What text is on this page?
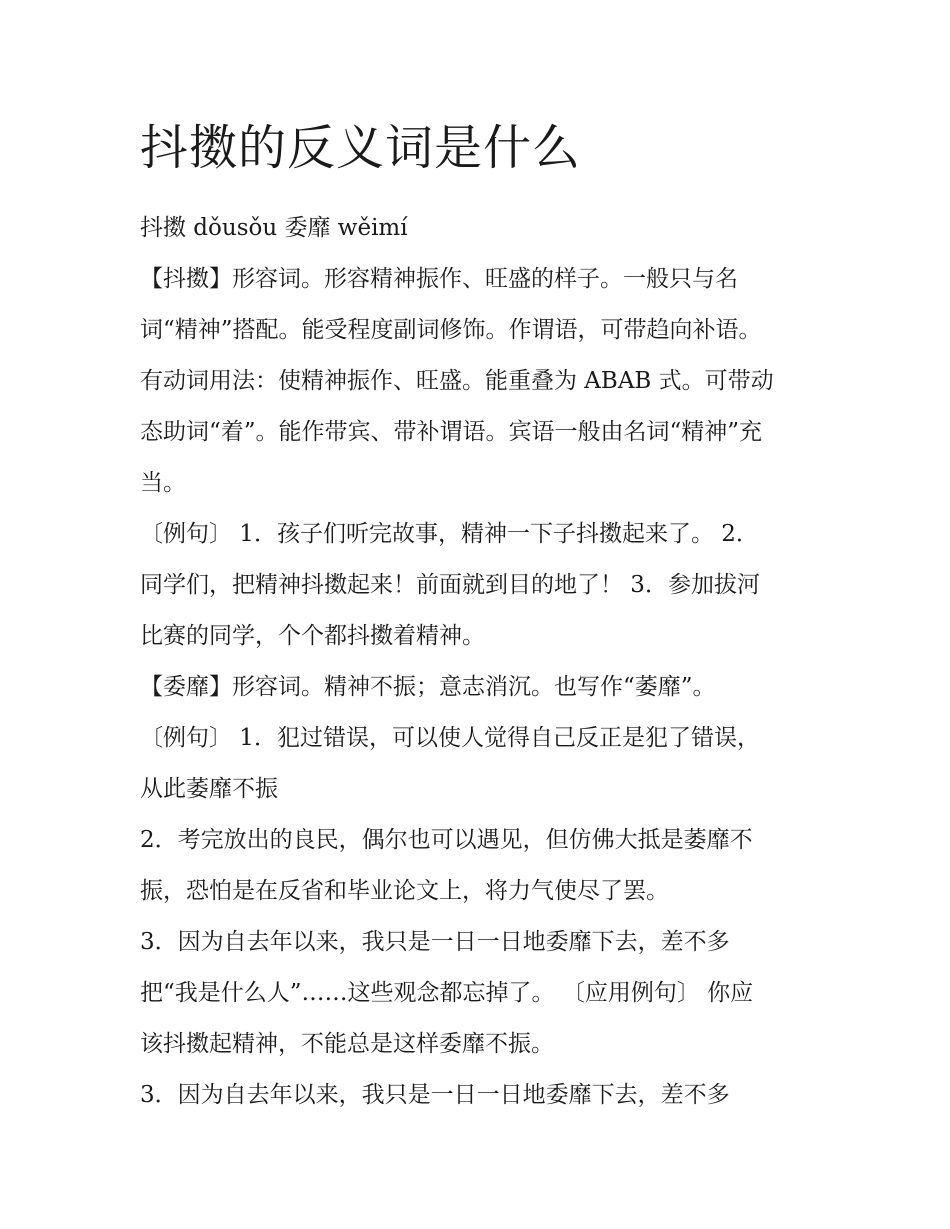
抖擞的反义词是什么

抖擞 dǒusǒu 委靡 wěimí

【抖擞】形容词。形容精神振作、旺盛的样子。一般只与名

词“精神”搭配。能受程度副词修饰。作谓语，可带趋向补语。

有动词用法：使精神振作、旺盛。能重叠为 ABAB 式。可带动

态助词“着”。能作带宾、带补谓语。宾语一般由名词“精神”充

当。

〔例句〕 1．孩子们听完故事，精神一下子抖擞起来了。 2．

同学们，把精神抖擞起来！前面就到目的地了！ 3．参加拔河

比赛的同学，个个都抖擞着精神。

【委靡】形容词。精神不振；意志消沉。也写作“萎靡”。

〔例句〕 1．犯过错误，可以使人觉得自己反正是犯了错误，

从此萎靡不振

2．考完放出的良民，偶尔也可以遇见，但仿佛大抵是萎靡不

振，恐怕是在反省和毕业论文上，将力气使尽了罢。

3．因为自去年以来，我只是一日一日地委靡下去，差不多

把“我是什么人”……这些观念都忘掉了。 〔应用例句〕 你应

该抖擞起精神，不能总是这样委靡不振。

3．因为自去年以来，我只是一日一日地委靡下去，差不多
